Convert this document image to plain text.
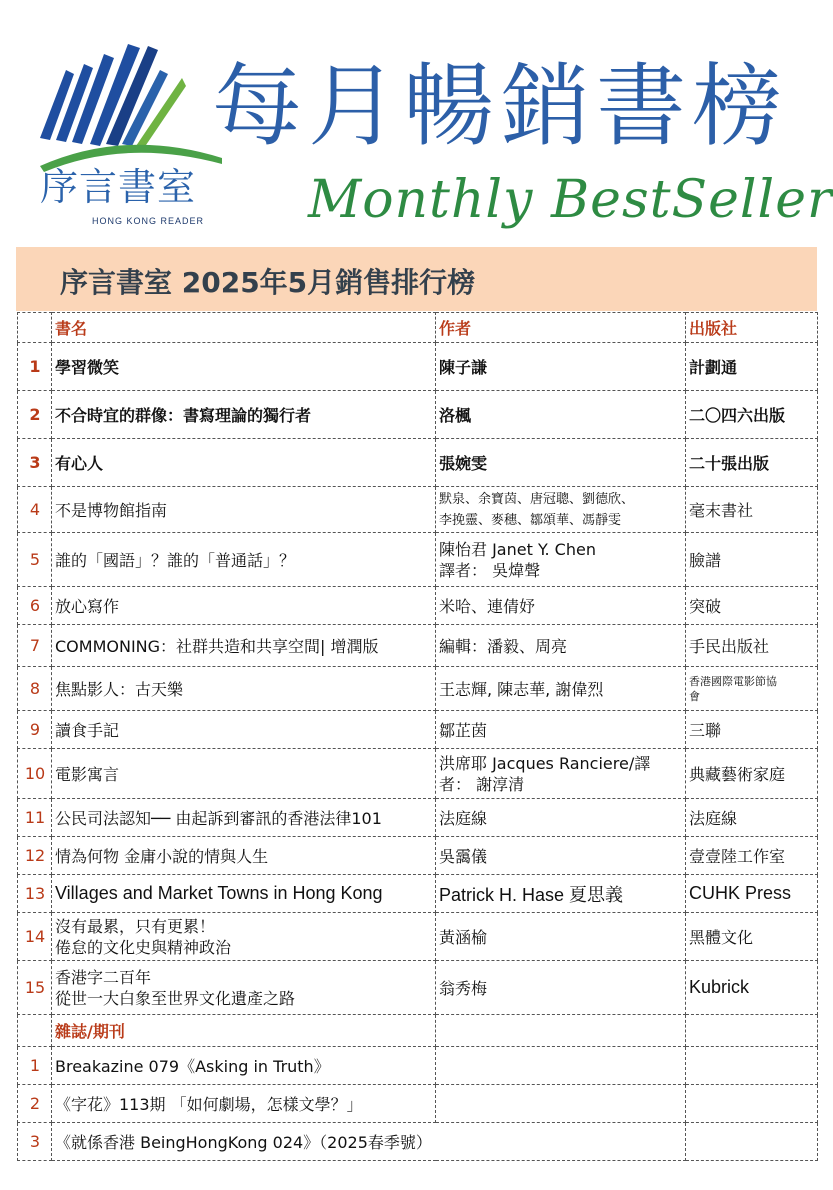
序言書室
HONG KONG READER
每月暢銷書榜
Monthly BestSeller
序言書室 2025年5月銷售排行榜
	書名	作者	出版社
1	學習微笑	陳子謙	計劃通
2	不合時宜的群像：書寫理論的獨行者	洛楓	二〇四六出版
3	有心人	張婉雯	二十張出版
4	不是博物館指南	默泉、余寶茵、唐冠聰、劉德欣、
李挽靈、麥穗、鄒頌華、馮靜雯	毫末書社
5	誰的「國語」？誰的「普通話」？	陳怡君 Janet Y. Chen
譯者： 吳煒聲	臉譜
6	放心寫作	米哈、連倩妤	突破
7	COMMONING：社群共造和共享空間| 增潤版	編輯：潘毅、周亮	手民出版社
8	焦點影人：古天樂	王志輝, 陳志華, 謝偉烈	香港國際電影節協
會

9	讀食手記	鄒芷茵	三聯
10	電影寓言	洪席耶 Jacques Ranciere/譯
者： 謝淳清	典藏藝術家庭
11	公民司法認知── 由起訴到審訊的香港法律101	法庭線	法庭線
12	情為何物 金庸小說的情與人生	吳靄儀	壹壹陸工作室
13	Villages and Market Towns in Hong Kong	Patrick H. Hase 夏思義	CUHK Press
14	沒有最累，只有更累！
倦怠的文化史與精神政治	黃涵榆	黑體文化
15	香港字二百年
從世一大白象至世界文化遺產之路	翁秀梅	Kubrick
	雜誌/期刊		
1	Breakazine 079《Asking in Truth》		
2	《字花》113期 「如何劇場，怎樣文學？」		
3	《就係香港 BeingHongKong 024》（2025春季號）		
